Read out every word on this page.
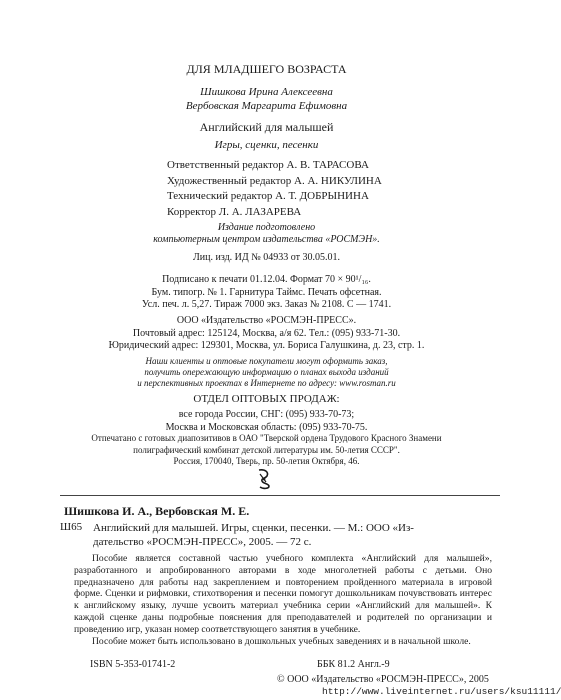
ДЛЯ МЛАДШЕГО ВОЗРАСТА
Шишкова Ирина Алексеевна
Вербовская Маргарита Ефимовна
Английский для малышей
Игры, сценки, песенки
Ответственный редактор А. В. ТАРАСОВА
Художественный редактор А. А. НИКУЛИНА
Технический редактор А. Т. ДОБРЫНИНА
Корректор Л. А. ЛАЗАРЕВА
Издание подготовлено
компьютерным центром издательства «РОСМЭН».
Лиц. изд. ИД № 04933 от 30.05.01.
Подписано к печати 01.12.04. Формат 70 × 90¹/₁₆.
Бум. типогр. № 1. Гарнитура Таймс. Печать офсетная.
Усл. печ. л. 5,27. Тираж 7000 экз. Заказ № 2108. С — 1741.
ООО «Издательство «РОСМЭН-ПРЕСС».
Почтовый адрес: 125124, Москва, а/я 62. Тел.: (095) 933-71-30.
Юридический адрес: 129301, Москва, ул. Бориса Галушкина, д. 23, стр. 1.
Наши клиенты и оптовые покупатели могут оформить заказ,
получить опережающую информацию о планах выхода изданий
и перспективных проектах в Интернете по адресу: www.rosman.ru
ОТДЕЛ ОПТОВЫХ ПРОДАЖ:
все города России, СНГ: (095) 933-70-73;
Москва и Московская область: (095) 933-70-75.
Отпечатано с готовых диапозитивов в ОАО "Тверской ордена Трудового Красного Знамени
полиграфический комбинат детской литературы им. 50-летия СССР".
Россия, 170040, Тверь, пр. 50-летия Октября, 46.
Шишкова И. А., Вербовская М. Е.
Ш65 Английский для малышей. Игры, сценки, песенки. — М.: ООО «Из-
дательство «РОСМЭН-ПРЕСС», 2005. — 72 с.

Пособие является составной частью учебного комплекта «Английский для малышей», разработанного и апробированного авторами в ходе многолетней работы с детьми. Оно предназначено для работы над закреплением и повторением пройденного материала в игровой форме. Сценки и рифмовки, стихотворения и песенки помогут дошкольникам почувствовать интерес к английскому языку, лучше усвоить материал учебника серии «Английский для малышей». К каждой сценке даны подробные пояснения для преподавателей и родителей по организации и проведению игр, указан номер соответствующего занятия в учебнике.

Пособие может быть использовано в дошкольных учебных заведениях и в начальной школе.

ISBN 5-353-01741-2	ББК 81.2 Англ.-9
© ООО «Издательство «РОСМЭН-ПРЕСС», 2005
http://www.liveinternet.ru/users/ksu11111/
